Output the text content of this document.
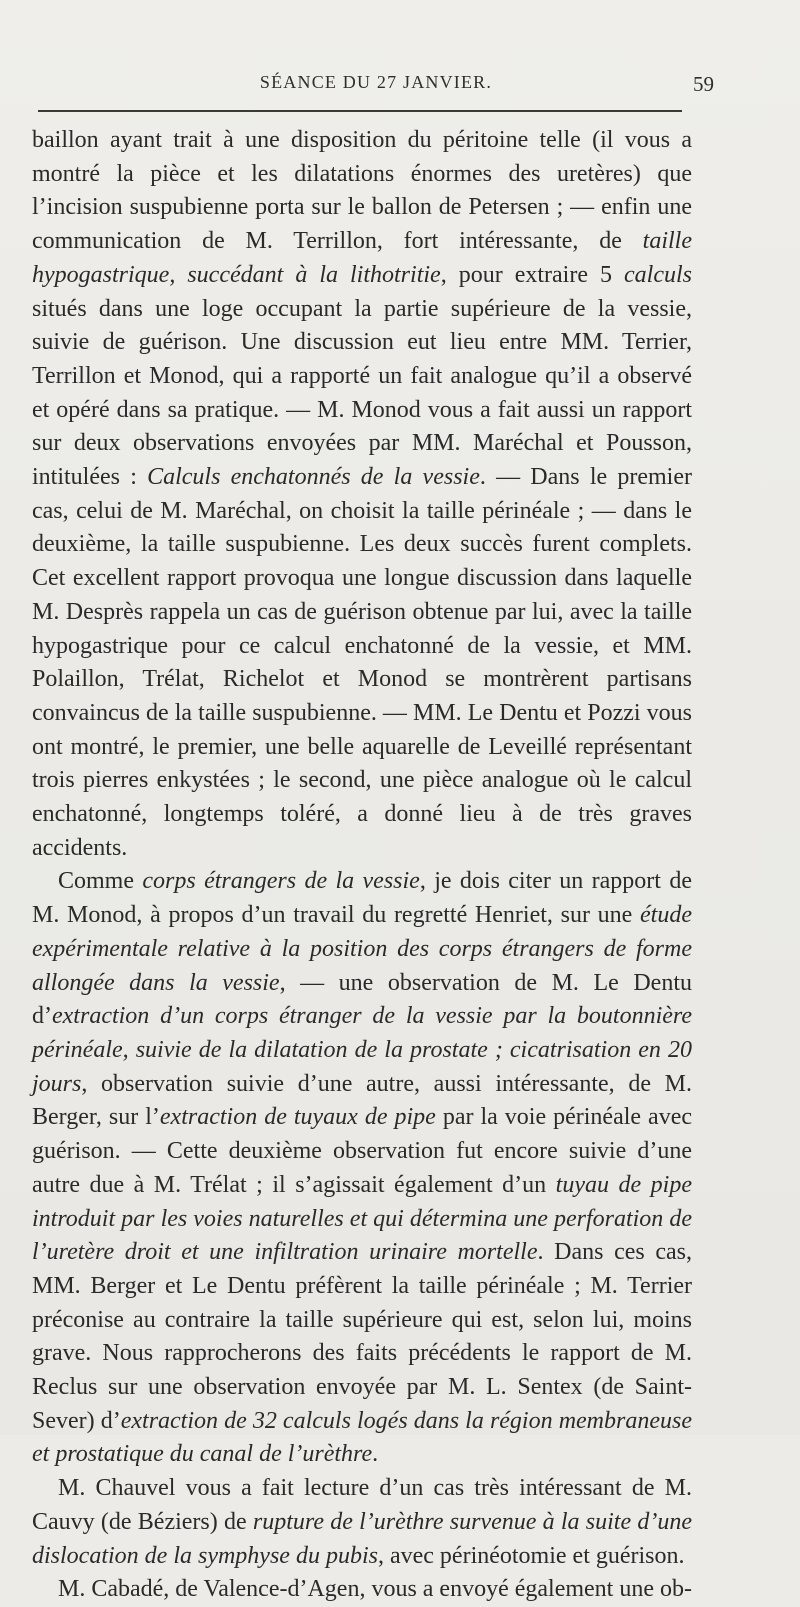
SÉANCE DU 27 JANVIER.	59

baillon ayant trait à une disposition du péritoine telle (il vous a montré la pièce et les dilatations énormes des uretères) que l’incision suspubienne porta sur le ballon de Petersen ; — enfin une communication de M. Terrillon, fort intéressante, de taille hypogastrique, succédant à la lithotritie, pour extraire 5 calculs situés dans une loge occupant la partie supérieure de la vessie, suivie de guérison. Une discussion eut lieu entre MM. Terrier, Terrillon et Monod, qui a rapporté un fait analogue qu’il a observé et opéré dans sa pratique. — M. Monod vous a fait aussi un rapport sur deux observations envoyées par MM. Maréchal et Pousson, intitulées : Calculs enchatonnés de la vessie. — Dans le premier cas, celui de M. Maréchal, on choisit la taille périnéale ; — dans le deuxième, la taille suspubienne. Les deux succès furent complets. Cet excellent rapport provoqua une longue discussion dans laquelle M. Desprès rappela un cas de guérison obtenue par lui, avec la taille hypogastrique pour ce calcul enchatonné de la vessie, et MM. Polaillon, Trélat, Richelot et Monod se montrèrent partisans convaincus de la taille suspubienne. — MM. Le Dentu et Pozzi vous ont montré, le premier, une belle aquarelle de Leveillé représentant trois pierres enkystées ; le second, une pièce analogue où le calcul enchatonné, longtemps toléré, a donné lieu à de très graves accidents.

Comme corps étrangers de la vessie, je dois citer un rapport de M. Monod, à propos d’un travail du regretté Henriet, sur une étude expérimentale relative à la position des corps étrangers de forme allongée dans la vessie, — une observation de M. Le Dentu d’extraction d’un corps étranger de la vessie par la boutonnière périnéale, suivie de la dilatation de la prostate ; cicatrisation en 20 jours, observation suivie d’une autre, aussi intéressante, de M. Berger, sur l’extraction de tuyaux de pipe par la voie périnéale avec guérison. — Cette deuxième observation fut encore suivie d’une autre due à M. Trélat ; il s’agissait également d’un tuyau de pipe introduit par les voies naturelles et qui détermina une perforation de l’uretère droit et une infiltration urinaire mortelle. Dans ces cas, MM. Berger et Le Dentu préfèrent la taille périnéale ; M. Terrier préconise au contraire la taille supérieure qui est, selon lui, moins grave. Nous rapprocherons des faits précédents le rapport de M. Reclus sur une observation envoyée par M. L. Sentex (de Saint-Sever) d’extraction de 32 calculs logés dans la région membraneuse et prostatique du canal de l’urèthre.

M. Chauvel vous a fait lecture d’un cas très intéressant de M. Cauvy (de Béziers) de rupture de l’urèthre survenue à la suite d’une dislocation de la symphyse du pubis, avec périnéotomie et guérison.

M. Cabadé, de Valence-d’Agen, vous a envoyé également une ob-
